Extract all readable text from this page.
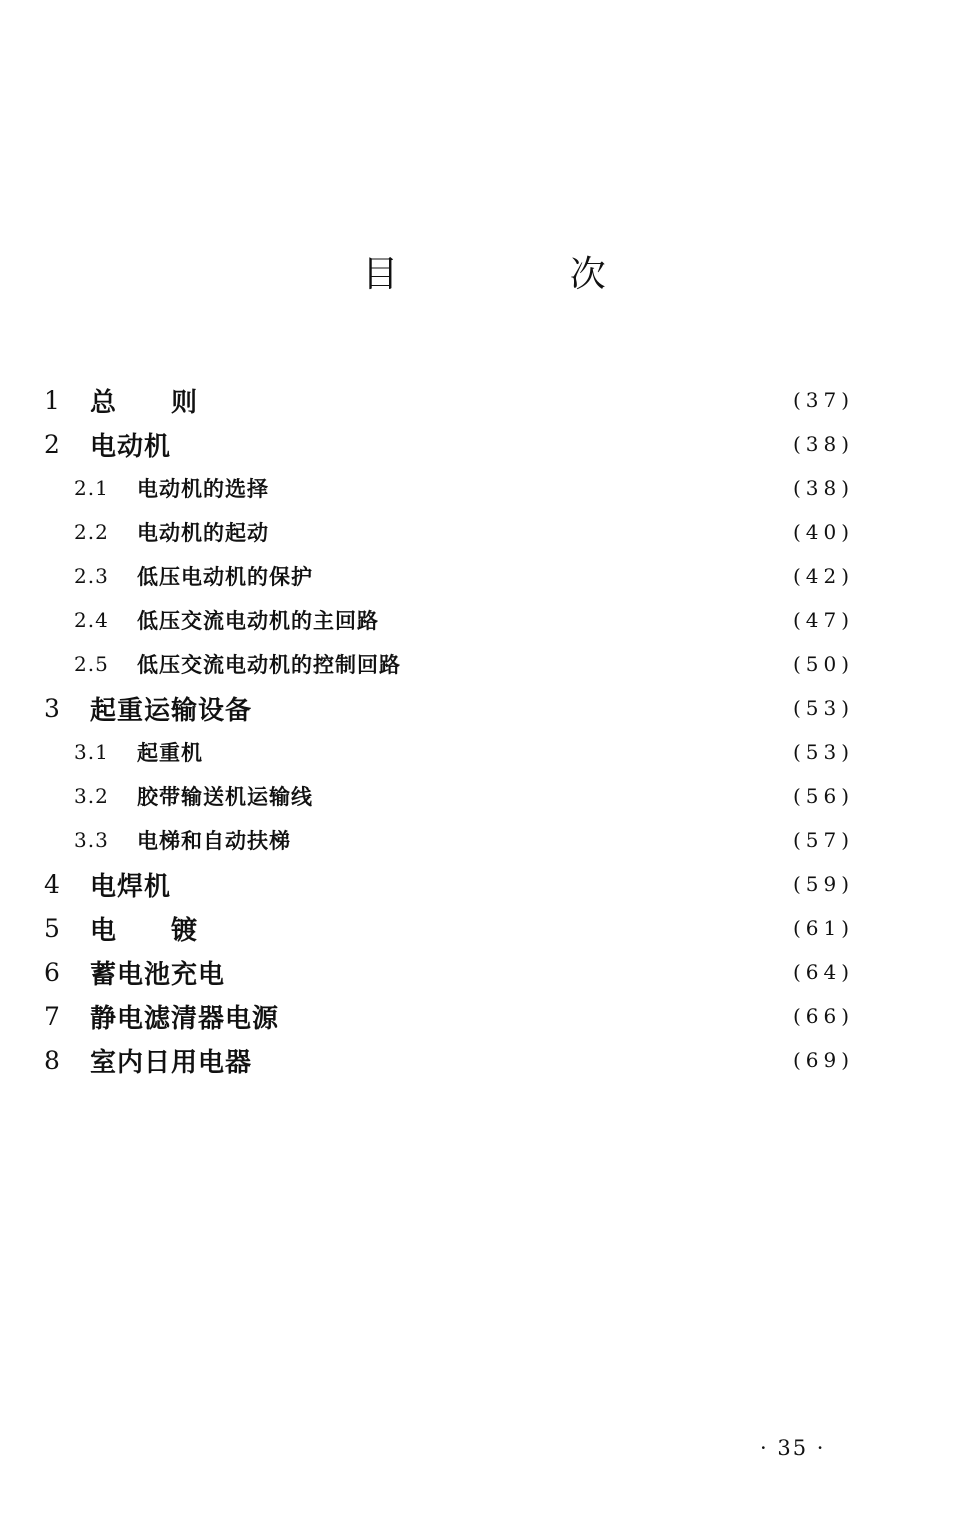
目 次
1 总　　则	(37)
2 电动机	(38)
2.1 电动机的选择	(38)
2.2 电动机的起动	(40)
2.3 低压电动机的保护	(42)
2.4 低压交流电动机的主回路	(47)
2.5 低压交流电动机的控制回路	(50)
3 起重运输设备	(53)
3.1 起重机	(53)
3.2 胶带输送机运输线	(56)
3.3 电梯和自动扶梯	(57)
4 电焊机	(59)
5 电　　镀	(61)
6 蓄电池充电	(64)
7 静电滤清器电源	(66)
8 室内日用电器	(69)
· 35 ·
